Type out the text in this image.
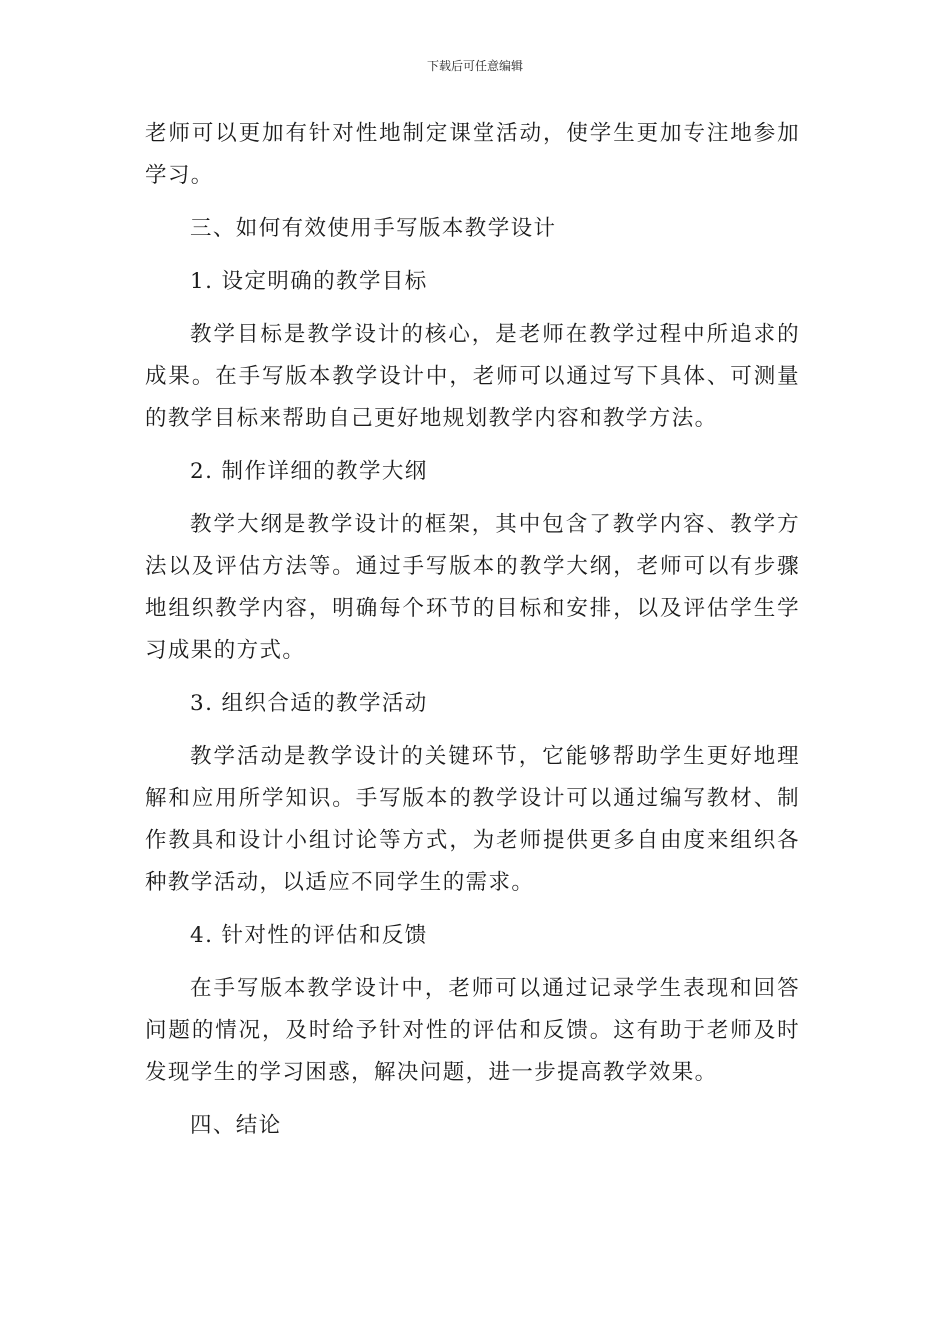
下载后可任意编辑

老师可以更加有针对性地制定课堂活动，使学生更加专注地参加学习。

三、如何有效使用手写版本教学设计

1. 设定明确的教学目标

教学目标是教学设计的核心，是老师在教学过程中所追求的成果。在手写版本教学设计中，老师可以通过写下具体、可测量的教学目标来帮助自己更好地规划教学内容和教学方法。

2. 制作详细的教学大纲

教学大纲是教学设计的框架，其中包含了教学内容、教学方法以及评估方法等。通过手写版本的教学大纲，老师可以有步骤地组织教学内容，明确每个环节的目标和安排，以及评估学生学习成果的方式。

3. 组织合适的教学活动

教学活动是教学设计的关键环节，它能够帮助学生更好地理解和应用所学知识。手写版本的教学设计可以通过编写教材、制作教具和设计小组讨论等方式，为老师提供更多自由度来组织各种教学活动，以适应不同学生的需求。

4. 针对性的评估和反馈

在手写版本教学设计中，老师可以通过记录学生表现和回答问题的情况，及时给予针对性的评估和反馈。这有助于老师及时发现学生的学习困惑，解决问题，进一步提高教学效果。

四、结论
